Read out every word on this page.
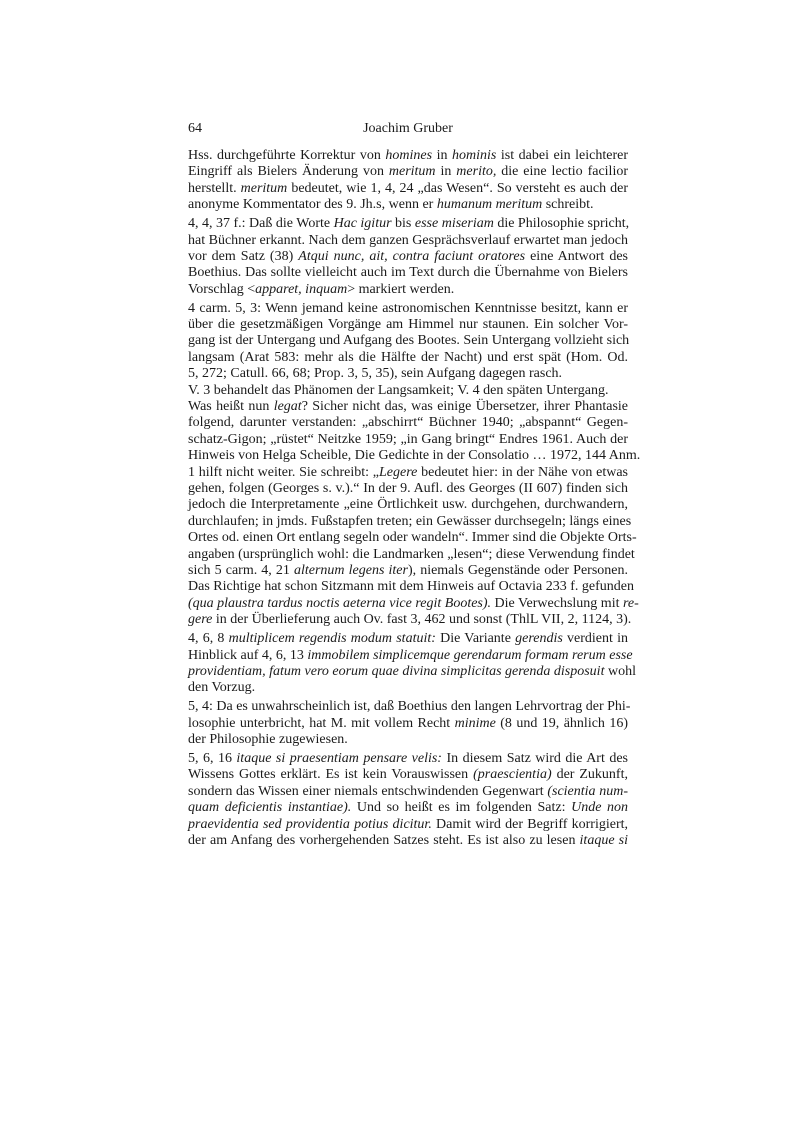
64	Joachim Gruber
Hss. durchgeführte Korrektur von homines in hominis ist dabei ein leichterer
Eingriff als Bielers Änderung von meritum in merito, die eine lectio facilior
herstellt. meritum bedeutet, wie 1, 4, 24 „das Wesen“. So versteht es auch der
anonyme Kommentator des 9. Jh.s, wenn er humanum meritum schreibt.
4, 4, 37 f.: Daß die Worte Hac igitur bis esse miseriam die Philosophie spricht,
hat Büchner erkannt. Nach dem ganzen Gesprächsverlauf erwartet man jedoch
vor dem Satz (38) Atqui nunc, ait, contra faciunt oratores eine Antwort des
Boethius. Das sollte vielleicht auch im Text durch die Übernahme von Bielers
Vorschlag <apparet, inquam> markiert werden.
4 carm. 5, 3: Wenn jemand keine astronomischen Kenntnisse besitzt, kann er
über die gesetzmäßigen Vorgänge am Himmel nur staunen. Ein solcher Vor-
gang ist der Untergang und Aufgang des Bootes. Sein Untergang vollzieht sich
langsam (Arat 583: mehr als die Hälfte der Nacht) und erst spät (Hom. Od.
5, 272; Catull. 66, 68; Prop. 3, 5, 35), sein Aufgang dagegen rasch.
V. 3 behandelt das Phänomen der Langsamkeit; V. 4 den späten Untergang.
Was heißt nun legat? Sicher nicht das, was einige Übersetzer, ihrer Phantasie
folgend, darunter verstanden: „abschirrt“ Büchner 1940; „abspannt“ Gegen-
schatz-Gigon; „rüstet“ Neitzke 1959; „in Gang bringt“ Endres 1961. Auch der
Hinweis von Helga Scheible, Die Gedichte in der Consolatio … 1972, 144 Anm.
1 hilft nicht weiter. Sie schreibt: „Legere bedeutet hier: in der Nähe von etwas
gehen, folgen (Georges s. v.).“ In der 9. Aufl. des Georges (II 607) finden sich
jedoch die Interpretamente „eine Örtlichkeit usw. durchgehen, durchwandern,
durchlaufen; in jmds. Fußstapfen treten; ein Gewässer durchsegeln; längs eines
Ortes od. einen Ort entlang segeln oder wandeln“. Immer sind die Objekte Orts-
angaben (ursprünglich wohl: die Landmarken „lesen“; diese Verwendung findet
sich 5 carm. 4, 21 alternum legens iter), niemals Gegenstände oder Personen.
Das Richtige hat schon Sitzmann mit dem Hinweis auf Octavia 233 f. gefunden
(qua plaustra tardus noctis aeterna vice regit Bootes). Die Verwechslung mit re-
gere in der Überlieferung auch Ov. fast 3, 462 und sonst (ThlL VII, 2, 1124, 3).
4, 6, 8 multiplicem regendis modum statuit: Die Variante gerendis verdient in
Hinblick auf 4, 6, 13 immobilem simplicemque gerendarum formam rerum esse
providentiam, fatum vero eorum quae divina simplicitas gerenda disposuit wohl
den Vorzug.
5, 4: Da es unwahrscheinlich ist, daß Boethius den langen Lehrvortrag der Phi-
losophie unterbricht, hat M. mit vollem Recht minime (8 und 19, ähnlich 16)
der Philosophie zugewiesen.
5, 6, 16 itaque si praesentiam pensare velis: In diesem Satz wird die Art des
Wissens Gottes erklärt. Es ist kein Vorauswissen (praescientia) der Zukunft,
sondern das Wissen einer niemals entschwindenden Gegenwart (scientia num-
quam deficientis instantiae). Und so heißt es im folgenden Satz: Unde non
praevidentia sed providentia potius dicitur. Damit wird der Begriff korrigiert,
der am Anfang des vorhergehenden Satzes steht. Es ist also zu lesen itaque si
